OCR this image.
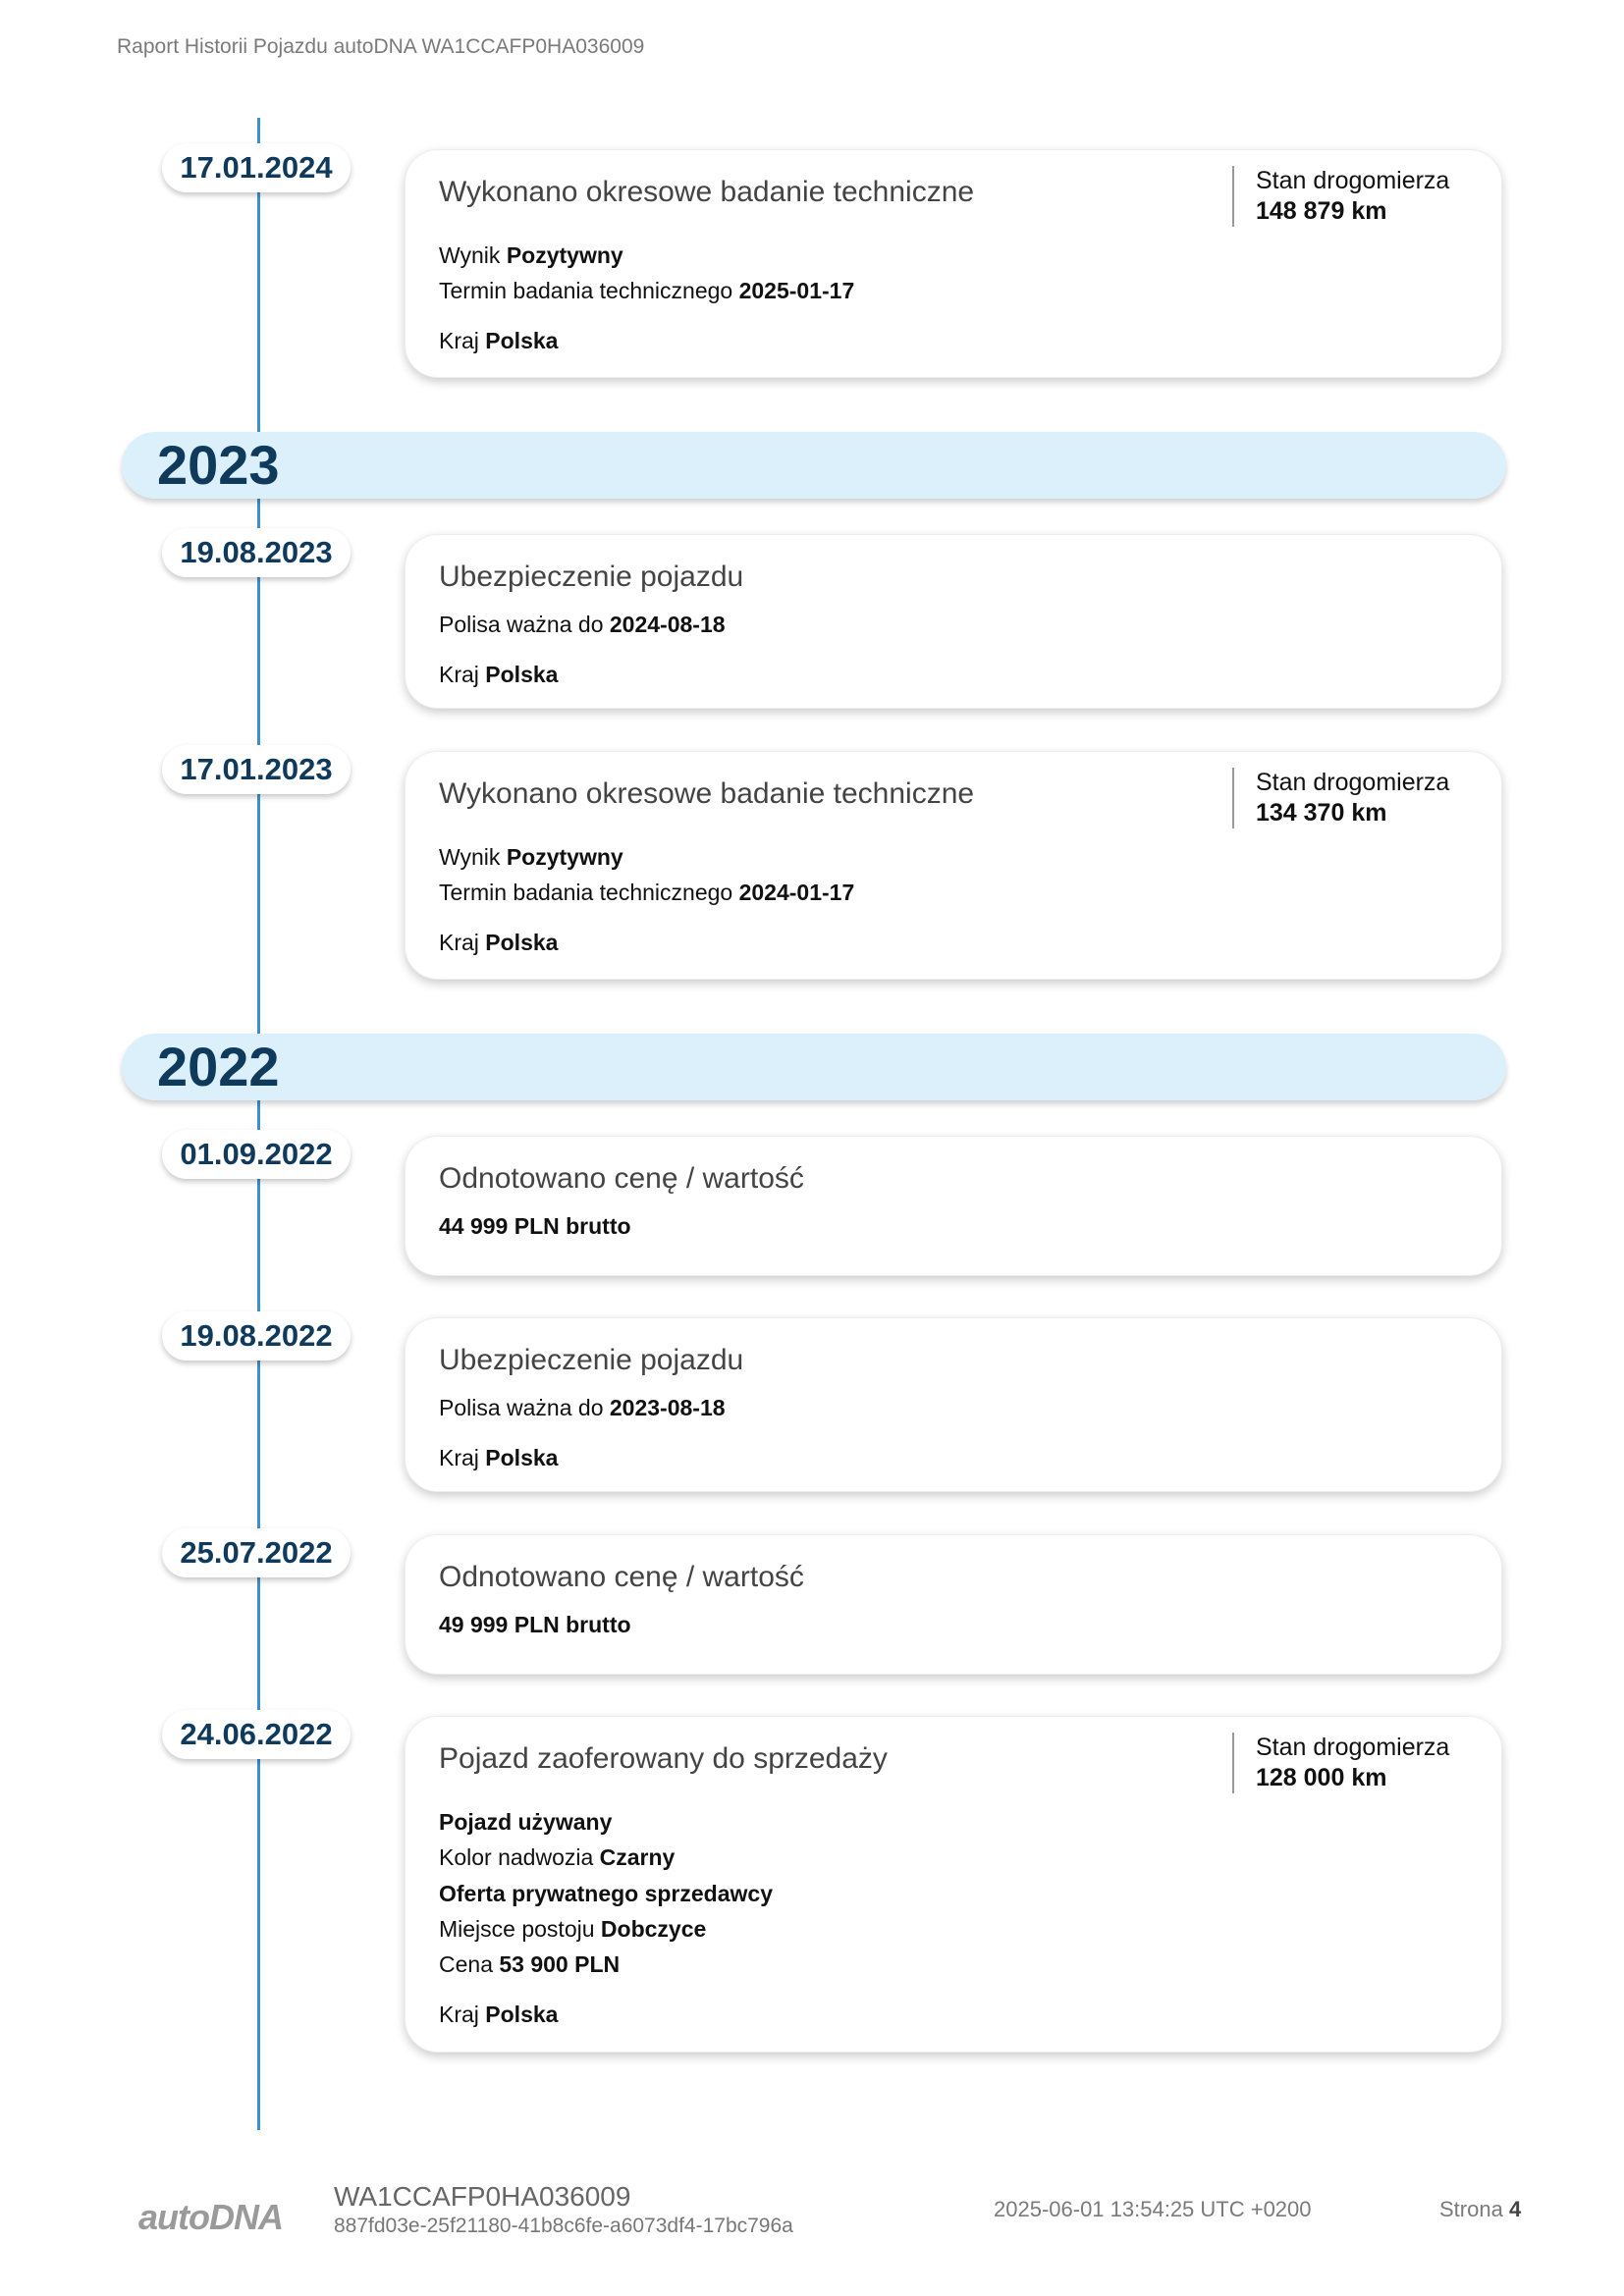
Raport Historii Pojazdu autoDNA WA1CCAFP0HA036009
17.01.2024
Wykonano okresowe badanie techniczne	Stan drogomierza
148 879 km
Wynik Pozytywny
Termin badania technicznego 2025-01-17
Kraj Polska
2023
19.08.2023
Ubezpieczenie pojazdu
Polisa ważna do 2024-08-18
Kraj Polska
17.01.2023
Wykonano okresowe badanie techniczne	Stan drogomierza
134 370 km
Wynik Pozytywny
Termin badania technicznego 2024-01-17
Kraj Polska
2022
01.09.2022
Odnotowano cenę / wartość
44 999 PLN brutto
19.08.2022
Ubezpieczenie pojazdu
Polisa ważna do 2023-08-18
Kraj Polska
25.07.2022
Odnotowano cenę / wartość
49 999 PLN brutto
24.06.2022
Pojazd zaoferowany do sprzedaży	Stan drogomierza
128 000 km
Pojazd używany
Kolor nadwozia Czarny
Oferta prywatnego sprzedawcy
Miejsce postoju Dobczyce
Cena 53 900 PLN
Kraj Polska
autoDNA
WA1CCAFP0HA036009
887fd03e-25f21180-41b8c6fe-a6073df4-17bc796a
2025-06-01 13:54:25 UTC +0200	Strona 4
